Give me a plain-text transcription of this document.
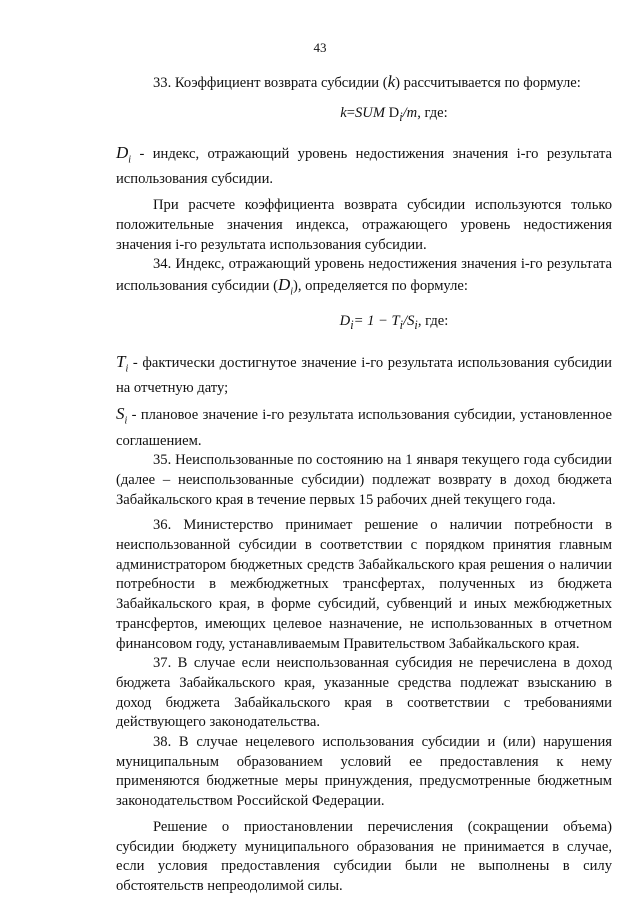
43

33. Коэффициент возврата субсидии (k) рассчитывается по формуле:

k=SUM $D_i/m$, где:

$D_i$ - индекс, отражающий уровень недостижения значения i-го результата использования субсидии.

При расчете коэффициента возврата субсидии используются только положительные значения индекса, отражающего уровень недостижения значения i-го результата использования субсидии.

34. Индекс, отражающий уровень недостижения значения i-го результата использования субсидии $(D_i)$, определяется по формуле:

$D_i= 1 - T_i/S_i$, где:

$T_i$ - фактически достигнутое значение i-го результата использования субсидии на отчетную дату;

$S_i$ - плановое значение i-го результата использования субсидии, установленное соглашением.

35. Неиспользованные по состоянию на 1 января текущего года субсидии (далее – неиспользованные субсидии) подлежат возврату в доход бюджета Забайкальского края в течение первых 15 рабочих дней текущего года.

36. Министерство принимает решение о наличии потребности в неиспользованной субсидии в соответствии с порядком принятия главным администратором бюджетных средств Забайкальского края решения о наличии потребности в межбюджетных трансфертах, полученных из бюджета Забайкальского края, в форме субсидий, субвенций и иных межбюджетных трансфертов, имеющих целевое назначение, не использованных в отчетном финансовом году, устанавливаемым Правительством Забайкальского края.

37. В случае если неиспользованная субсидия не перечислена в доход бюджета Забайкальского края, указанные средства подлежат взысканию в доход бюджета Забайкальского края в соответствии с требованиями действующего законодательства.

38. В случае нецелевого использования субсидии и (или) нарушения муниципальным образованием условий ее предоставления к нему применяются бюджетные меры принуждения, предусмотренные бюджетным законодательством Российской Федерации.

Решение о приостановлении перечисления (сокращении объема) субсидии бюджету муниципального образования не принимается в случае, если условия предоставления субсидии были не выполнены в силу обстоятельств непреодолимой силы.
